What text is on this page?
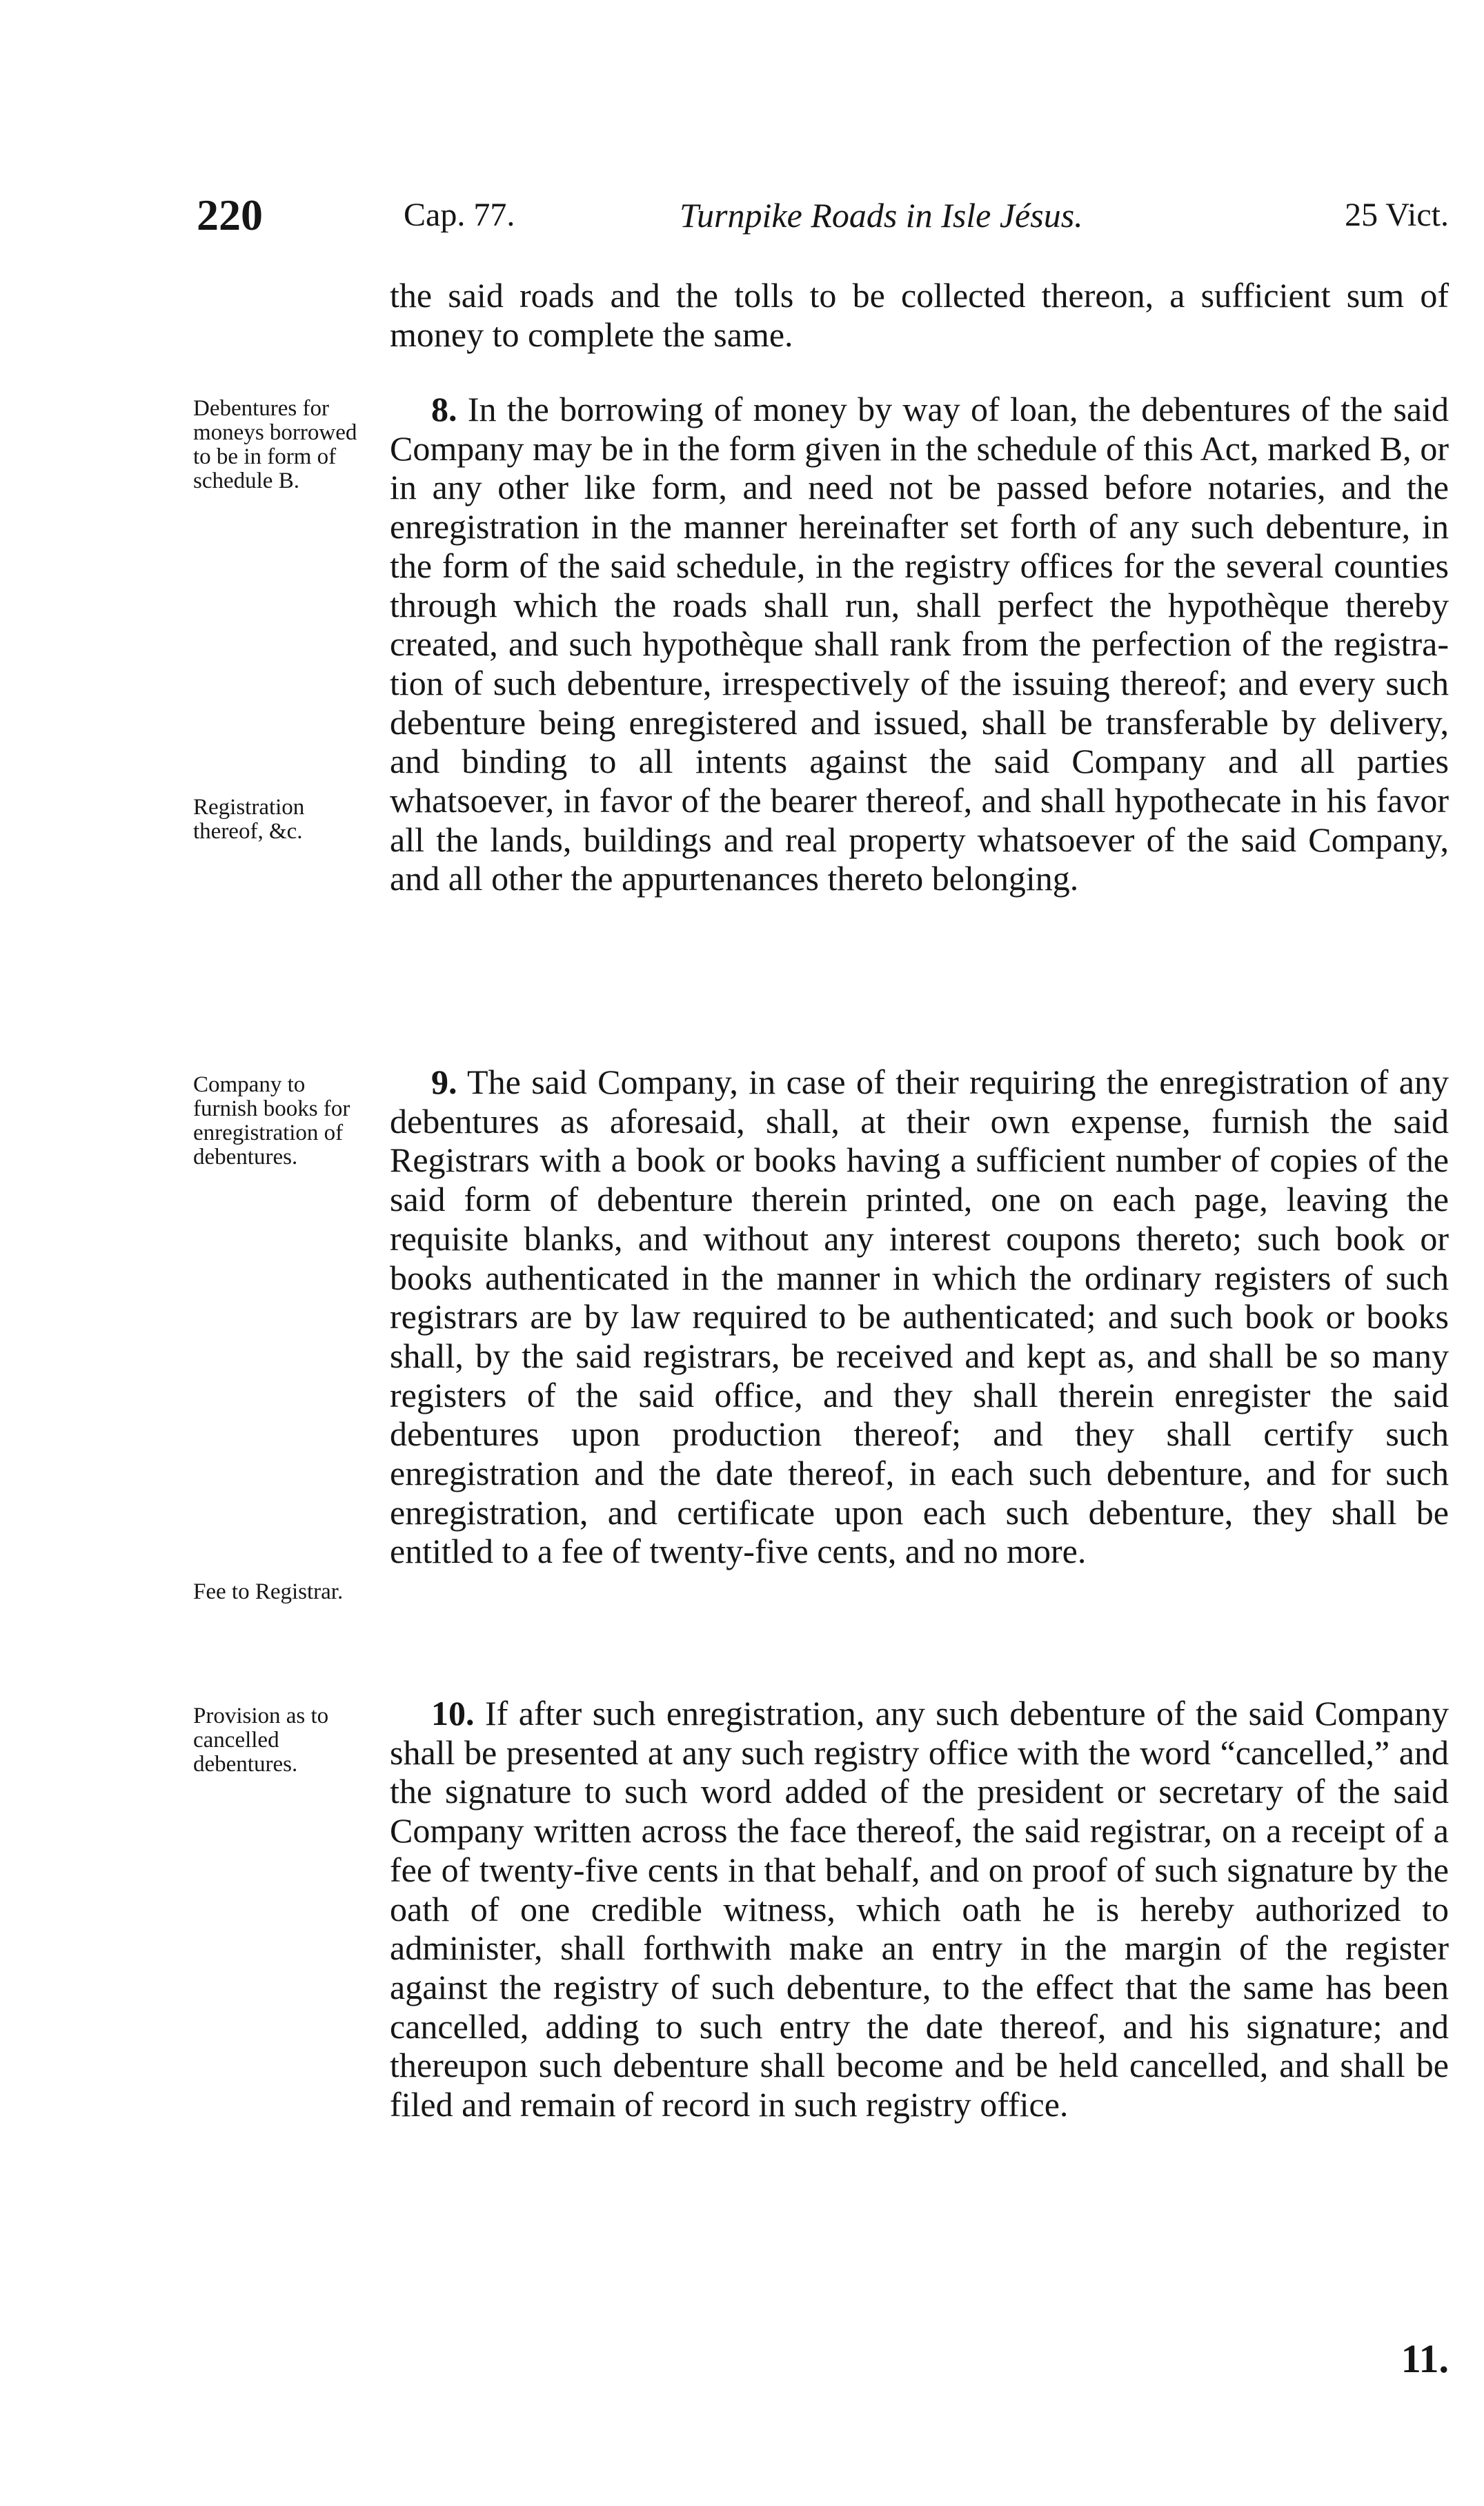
220	Cap. 77.	Turnpike Roads in Isle Jésus.	25 Vict.

the said roads and the tolls to be collected thereon, a sufficient sum of money to complete the same.

8. In the borrowing of money by way of loan, the debentures of the said Company may be in the form given in the schedule of this Act, marked B, or in any other like form, and need not be passed before notaries, and the enregistration in the manner hereinafter set forth of any such debenture, in the form of the said schedule, in the registry offices for the several counties through which the roads shall run, shall perfect the hypothèque thereby created, and such hypothèque shall rank from the perfection of the registration of such debenture, irrespectively of the issuing thereof; and every such debenture being enregistered and issued, shall be transferable by delivery, and binding to all intents against the said Company and all parties whatsoever, in favor of the bearer thereof, and shall hypothecate in his favor all the lands, buildings and real property whatsoever of the said Company, and all other the appurtenances thereto belonging.

9. The said Company, in case of their requiring the enregistration of any debentures as aforesaid, shall, at their own expense, furnish the said Registrars with a book or books having a sufficient number of copies of the said form of debenture therein printed, one on each page, leaving the requisite blanks, and without any interest coupons thereto; such book or books authenticated in the manner in which the ordinary registers of such registrars are by law required to be authenticated; and such book or books shall, by the said registrars, be received and kept as, and shall be so many registers of the said office, and they shall therein enregister the said debentures upon production thereof; and they shall certify such enregistration and the date thereof, in each such debenture, and for such enregistration, and certificate upon each such debenture, they shall be entitled to a fee of twenty-five cents, and no more.

10. If after such enregistration, any such debenture of the said Company shall be presented at any such registry office with the word “cancelled,” and the signature to such word added of the president or secretary of the said Company written across the face thereof, the said registrar, on a receipt of a fee of twenty-five cents in that behalf, and on proof of such signature by the oath of one credible witness, which oath he is hereby authorized to administer, shall forthwith make an entry in the margin of the register against the registry of such debenture, to the effect that the same has been cancelled, adding to such entry the date thereof, and his signature; and thereupon such debenture shall become and be held cancelled, and shall be filed and remain of record in such registry office.

Debentures for moneys borrowed to be in form of schedule B.
Registration thereof, &c.
Company to furnish books for enregistration of debentures.
Fee to Registrar.
Provision as to cancelled debentures.
11.
